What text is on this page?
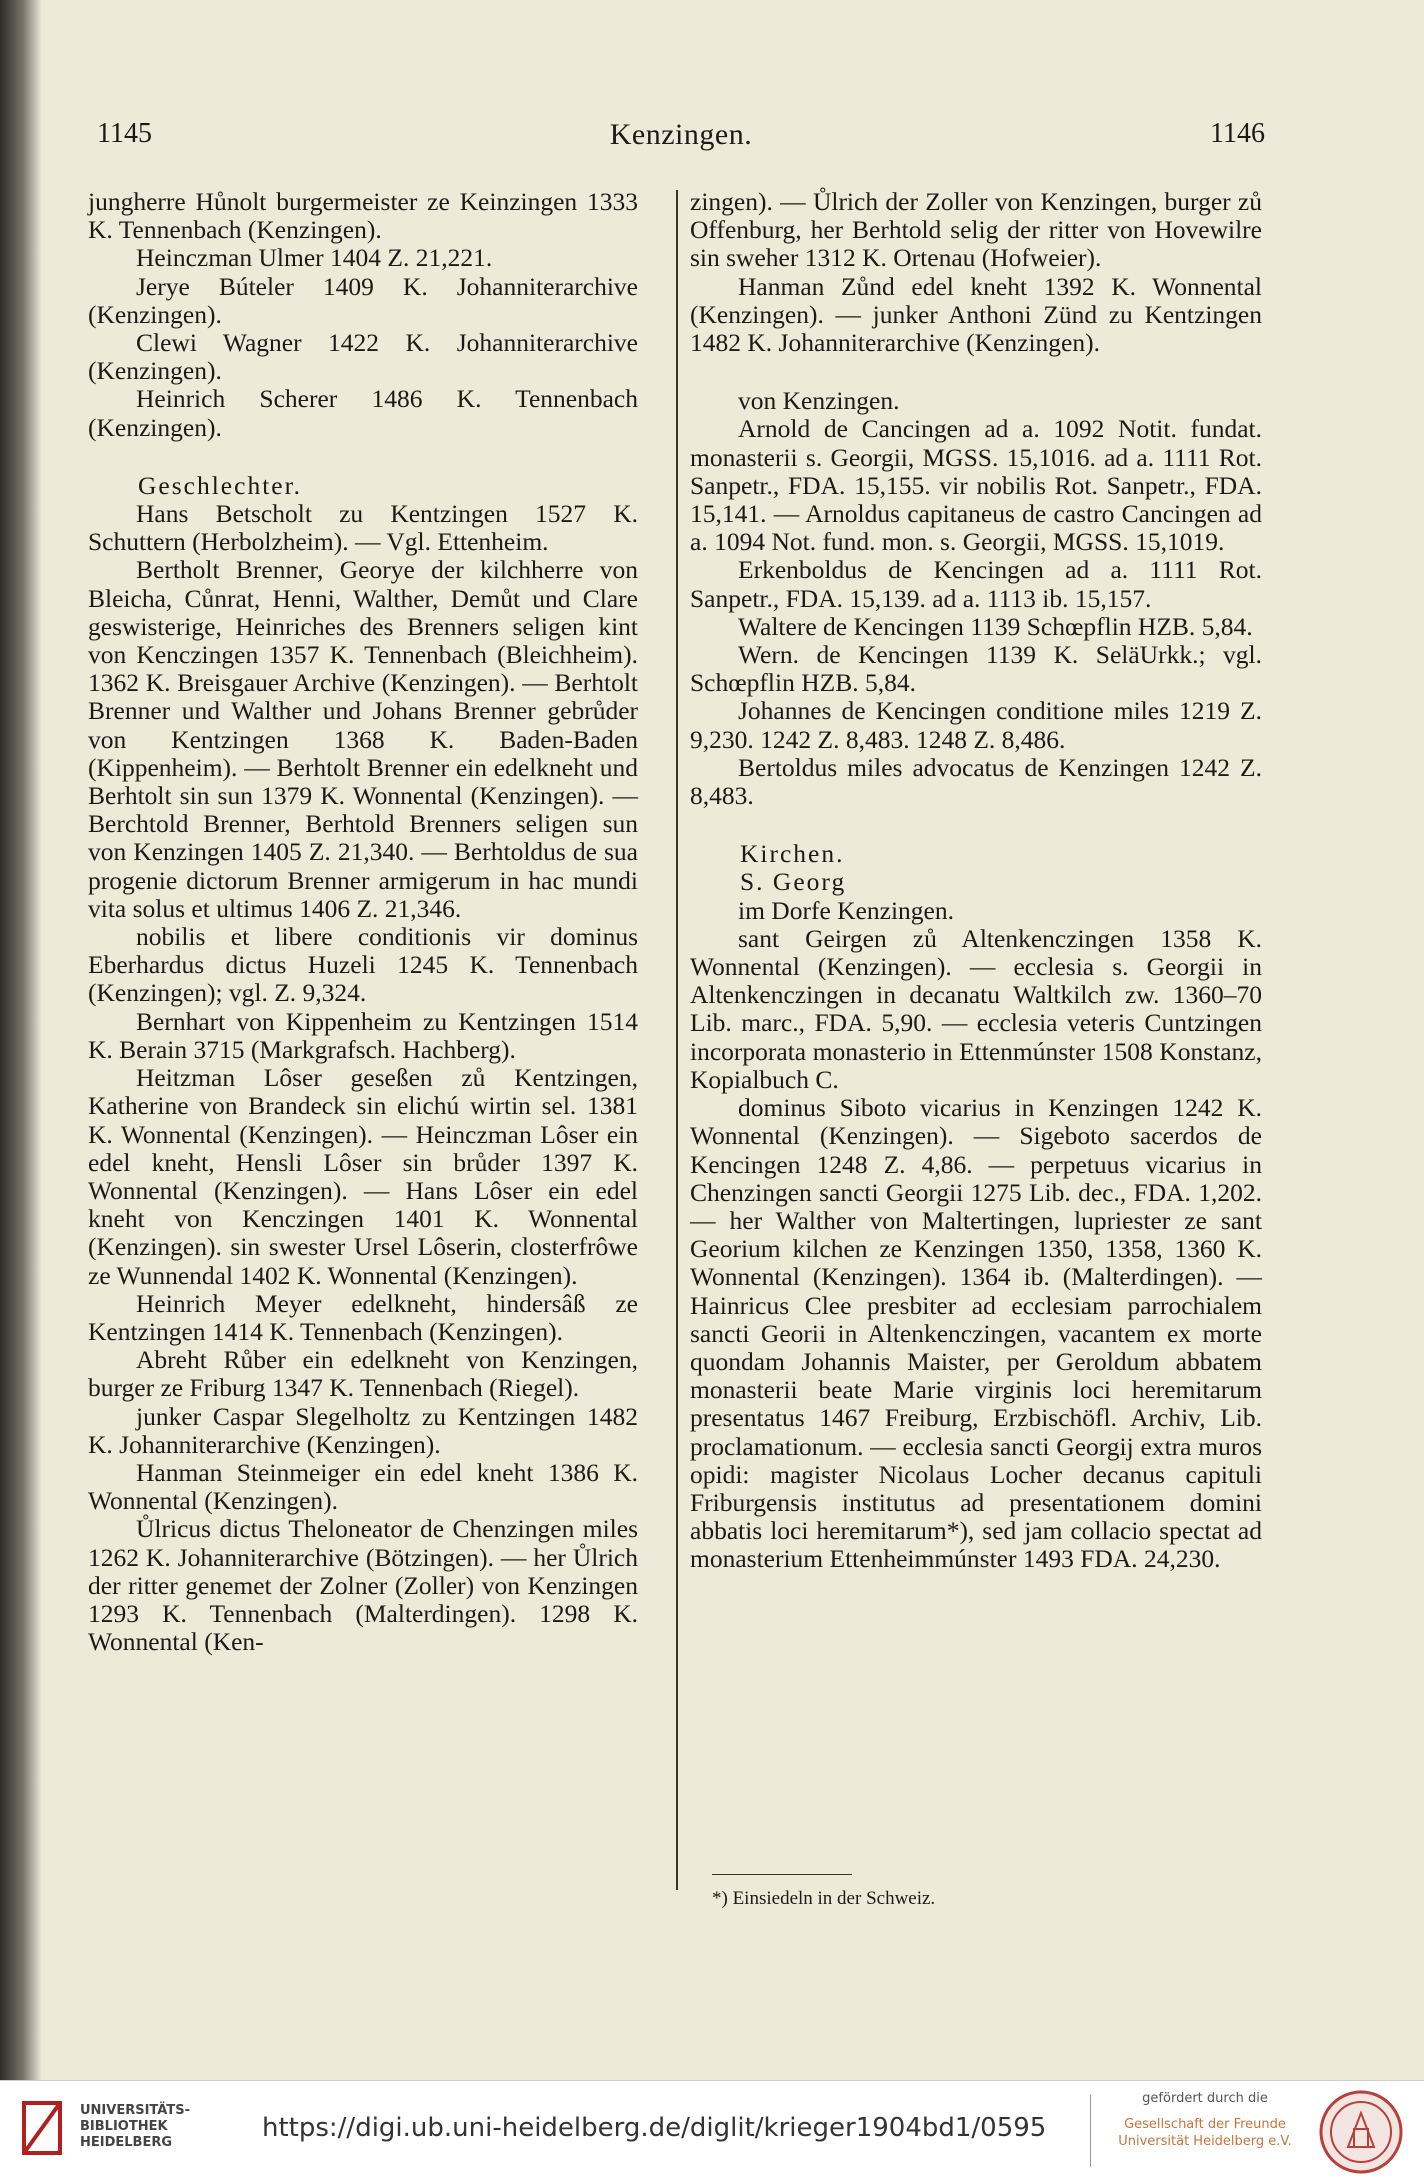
1145	Kenzingen.	1146

jungherre Hůnolt burgermeister ze Keinzingen 1333 K. Tennenbach (Kenzingen).

Heinczman Ulmer 1404 Z. 21,221.

Jerye Búteler 1409 K. Johanniterarchive (Kenzingen).

Clewi Wagner 1422 K. Johanniterarchive (Kenzingen).

Heinrich Scherer 1486 K. Tennenbach (Kenzingen).

Geschlechter.

Hans Betscholt zu Kentzingen 1527 K. Schuttern (Herbolzheim). — Vgl. Ettenheim.

Bertholt Brenner, Georye der kilchherre von Bleicha, Cůnrat, Henni, Walther, Demůt und Clare geswisterige, Heinriches des Brenners seligen kint von Kenczingen 1357 K. Tennenbach (Bleichheim). 1362 K. Breisgauer Archive (Kenzingen). — Berhtolt Brenner und Walther und Johans Brenner gebrůder von Kentzingen 1368 K. Baden-Baden (Kippenheim). — Berhtolt Brenner ein edelkneht und Berhtolt sin sun 1379 K. Wonnental (Kenzingen). — Berchtold Brenner, Berhtold Brenners seligen sun von Kenzingen 1405 Z. 21,340. — Berhtoldus de sua progenie dictorum Brenner armigerum in hac mundi vita solus et ultimus 1406 Z. 21,346.

nobilis et libere conditionis vir dominus Eberhardus dictus Huzeli 1245 K. Tennenbach (Kenzingen); vgl. Z. 9,324.

Bernhart von Kippenheim zu Kentzingen 1514 K. Berain 3715 (Markgrafsch. Hachberg).

Heitzman Lôser geseßen zů Kentzingen, Katherine von Brandeck sin elichú wirtin sel. 1381 K. Wonnental (Kenzingen). — Heinczman Lôser ein edel kneht, Hensli Lôser sin brůder 1397 K. Wonnental (Kenzingen). — Hans Lôser ein edel kneht von Kenczingen 1401 K. Wonnental (Kenzingen). sin swester Ursel Lôserin, closterfrôwe ze Wunnendal 1402 K. Wonnental (Kenzingen).

Heinrich Meyer edelkneht, hindersâß ze Kentzingen 1414 K. Tennenbach (Kenzingen).

Abreht Růber ein edelkneht von Kenzingen, burger ze Friburg 1347 K. Tennenbach (Riegel).

junker Caspar Slegelholtz zu Kentzingen 1482 K. Johanniterarchive (Kenzingen).

Hanman Steinmeiger ein edel kneht 1386 K. Wonnental (Kenzingen).

Ůlricus dictus Theloneator de Chenzingen miles 1262 K. Johanniterarchive (Bötzingen). — her Ůlrich der ritter genemet der Zolner (Zoller) von Kenzingen 1293 K. Tennenbach (Malterdingen). 1298 K. Wonnental (Ken-

zingen). — Ůlrich der Zoller von Kenzingen, burger zů Offenburg, her Berhtold selig der ritter von Hovewilre sin sweher 1312 K. Ortenau (Hofweier).

Hanman Zůnd edel kneht 1392 K. Wonnental (Kenzingen). — junker Anthoni Zünd zu Kentzingen 1482 K. Johanniterarchive (Kenzingen).

von Kenzingen.

Arnold de Cancingen ad a. 1092 Notit. fundat. monasterii s. Georgii, MGSS. 15,1016. ad a. 1111 Rot. Sanpetr., FDA. 15,155. vir nobilis Rot. Sanpetr., FDA. 15,141. — Arnoldus capitaneus de castro Cancingen ad a. 1094 Not. fund. mon. s. Georgii, MGSS. 15,1019.

Erkenboldus de Kencingen ad a. 1111 Rot. Sanpetr., FDA. 15,139. ad a. 1113 ib. 15,157.

Waltere de Kencingen 1139 Schœpflin HZB. 5,84.

Wern. de Kencingen 1139 K. SeläUrkk.; vgl. Schœpflin HZB. 5,84.

Johannes de Kencingen conditione miles 1219 Z. 9,230. 1242 Z. 8,483. 1248 Z. 8,486.

Bertoldus miles advocatus de Kenzingen 1242 Z. 8,483.

Kirchen.

S. Georg

im Dorfe Kenzingen.

sant Geirgen zů Altenkenczingen 1358 K. Wonnental (Kenzingen). — ecclesia s. Georgii in Altenkenczingen in decanatu Waltkilch zw. 1360–70 Lib. marc., FDA. 5,90. — ecclesia veteris Cuntzingen incorporata monasterio in Ettenmúnster 1508 Konstanz, Kopialbuch C.

dominus Siboto vicarius in Kenzingen 1242 K. Wonnental (Kenzingen). — Sigeboto sacerdos de Kencingen 1248 Z. 4,86. — perpetuus vicarius in Chenzingen sancti Georgii 1275 Lib. dec., FDA. 1,202. — her Walther von Maltertingen, lupriester ze sant Georium kilchen ze Kenzingen 1350, 1358, 1360 K. Wonnental (Kenzingen). 1364 ib. (Malterdingen). — Hainricus Clee presbiter ad ecclesiam parrochialem sancti Georii in Altenkenczingen, vacantem ex morte quondam Johannis Maister, per Geroldum abbatem monasterii beate Marie virginis loci heremitarum presentatus 1467 Freiburg, Erzbischöfl. Archiv, Lib. proclamationum. — ecclesia sancti Georgij extra muros opidi: magister Nicolaus Locher decanus capituli Friburgensis institutus ad presentationem domini abbatis loci heremitarum*), sed jam collacio spectat ad monasterium Ettenheimmúnster 1493 FDA. 24,230.

*) Einsiedeln in der Schweiz.
UNIVERSITÄTS-
BIBLIOTHEK
HEIDELBERG	https://digi.ub.uni-heidelberg.de/diglit/krieger1904bd1/0595
gefördert durch die
Gesellschaft der Freunde
Universität Heidelberg e.V.
